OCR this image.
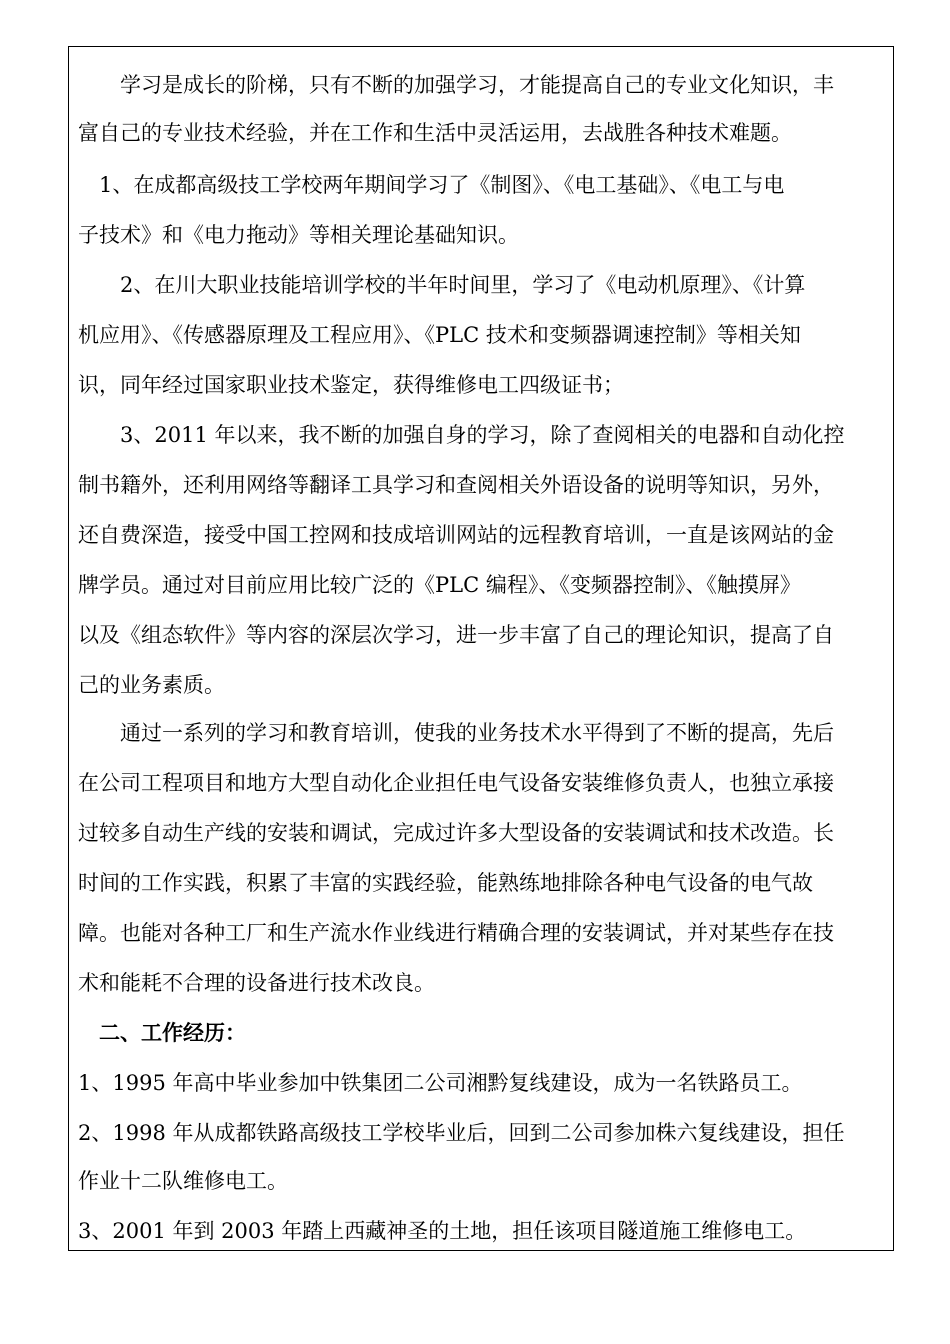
　　学习是成长的阶梯，只有不断的加强学习，才能提高自己的专业文化知识，丰
富自己的专业技术经验，并在工作和生活中灵活运用，去战胜各种技术难题。
　1、在成都高级技工学校两年期间学习了《制图》、《电工基础》、《电工与电
子技术》和《电力拖动》等相关理论基础知识。
　　2、在川大职业技能培训学校的半年时间里，学习了《电动机原理》、《计算
机应用》、《传感器原理及工程应用》、《PLC 技术和变频器调速控制》等相关知
识，同年经过国家职业技术鉴定，获得维修电工四级证书；
　　3、2011 年以来，我不断的加强自身的学习，除了查阅相关的电器和自动化控
制书籍外，还利用网络等翻译工具学习和查阅相关外语设备的说明等知识，另外，
还自费深造，接受中国工控网和技成培训网站的远程教育培训，一直是该网站的金
牌学员。通过对目前应用比较广泛的《PLC 编程》、《变频器控制》、《触摸屏》
以及《组态软件》等内容的深层次学习，进一步丰富了自己的理论知识，提高了自
己的业务素质。
　　通过一系列的学习和教育培训，使我的业务技术水平得到了不断的提高，先后
在公司工程项目和地方大型自动化企业担任电气设备安装维修负责人，也独立承接
过较多自动生产线的安装和调试，完成过许多大型设备的安装调试和技术改造。长
时间的工作实践，积累了丰富的实践经验，能熟练地排除各种电气设备的电气故
障。也能对各种工厂和生产流水作业线进行精确合理的安装调试，并对某些存在技
术和能耗不合理的设备进行技术改良。
　二、工作经历：
1、1995 年高中毕业参加中铁集团二公司湘黔复线建设，成为一名铁路员工。
2、1998 年从成都铁路高级技工学校毕业后，回到二公司参加株六复线建设，担任
作业十二队维修电工。
3、2001 年到 2003 年踏上西藏神圣的土地，担任该项目隧道施工维修电工。
